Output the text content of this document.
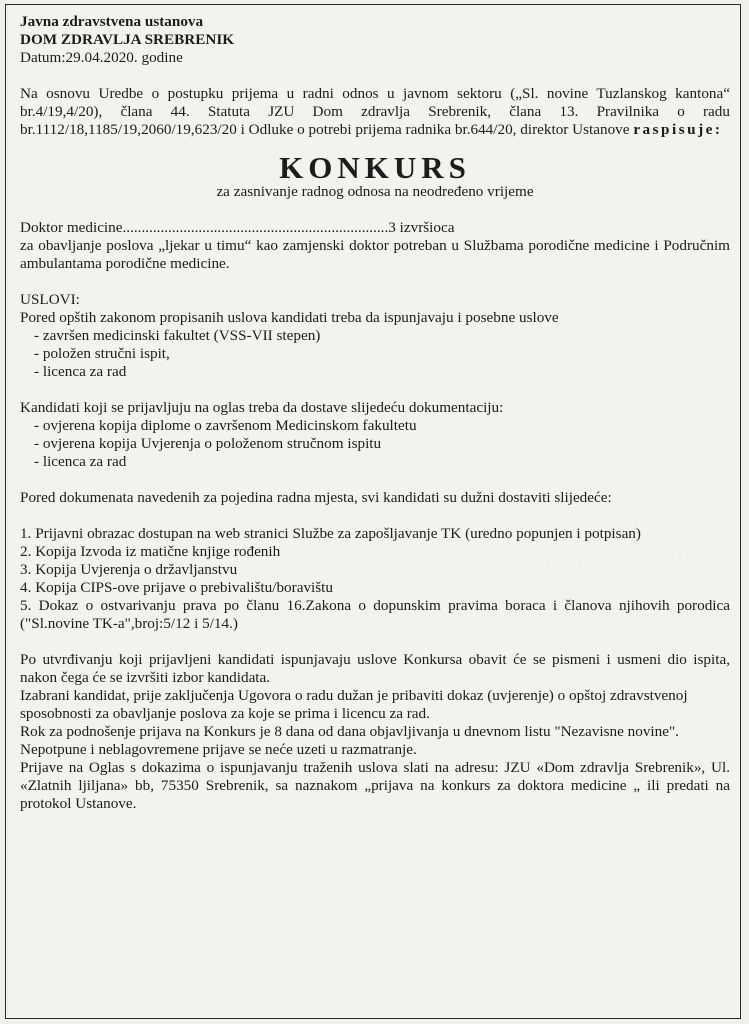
Javna zdravstvena ustanova

DOM ZDRAVLJA SREBRENIK

Datum:29.04.2020. godine

Na osnovu Uredbe o postupku prijema u radni odnos u javnom sektoru („Sl. novine Tuzlanskog kantona“ br.4/19,4/20), člana 44. Statuta JZU Dom zdravlja Srebrenik, člana 13. Pravilnika o radu br.1112/18,1185/19,2060/19,623/20 i Odluke o potrebi prijema radnika br.644/20, direktor Ustanove raspisuje:

KONKURS

za zasnivanje radnog odnosa na neodređeno vrijeme

Doktor medicine......................................................................3 izvršioca

za obavljanje poslova „ljekar u timu“ kao zamjenski doktor potreban u Službama porodične medicine i Područnim ambulantama porodične medicine.

USLOVI:

Pored opštih zakonom propisanih uslova kandidati treba da ispunjavaju i posebne uslove

- završen medicinski fakultet (VSS-VII stepen)

- položen stručni ispit,

- licenca za rad

Kandidati koji se prijavljuju na oglas treba da dostave slijedeću dokumentaciju:

- ovjerena kopija diplome o završenom Medicinskom fakultetu

- ovjerena kopija Uvjerenja o položenom stručnom ispitu

- licenca za rad

Pored dokumenata navedenih za pojedina radna mjesta, svi kandidati su dužni dostaviti slijedeće:

1. Prijavni obrazac dostupan na web stranici Službe za zapošljavanje TK (uredno popunjen i potpisan)

2. Kopija Izvoda iz matične knjige rođenih

3. Kopija Uvjerenja o državljanstvu

4. Kopija CIPS-ove prijave o prebivalištu/boravištu

5. Dokaz o ostvarivanju prava po članu 16.Zakona o dopunskim pravima boraca i članova njihovih porodica ("Sl.novine TK-a",broj:5/12 i 5/14.)

Po utvrđivanju koji prijavljeni kandidati ispunjavaju uslove Konkursa obavit će se pismeni i usmeni dio ispita, nakon čega će se izvršiti izbor kandidata.

Izabrani kandidat, prije zaključenja Ugovora o radu dužan je pribaviti dokaz (uvjerenje) o opštoj zdravstvenoj sposobnosti za obavljanje poslova za koje se prima i licencu za rad.

Rok za podnošenje prijava na Konkurs je 8 dana od dana objavljivanja u dnevnom listu "Nezavisne novine".

Nepotpune i neblagovremene prijave se neće uzeti u razmatranje.

Prijave na Oglas s dokazima o ispunjavanju traženih uslova slati na adresu: JZU «Dom zdravlja Srebrenik», Ul. «Zlatnih ljiljana» bb, 75350 Srebrenik, sa naznakom „prijava na konkurs za doktora medicine „ ili predati na protokol Ustanove.
